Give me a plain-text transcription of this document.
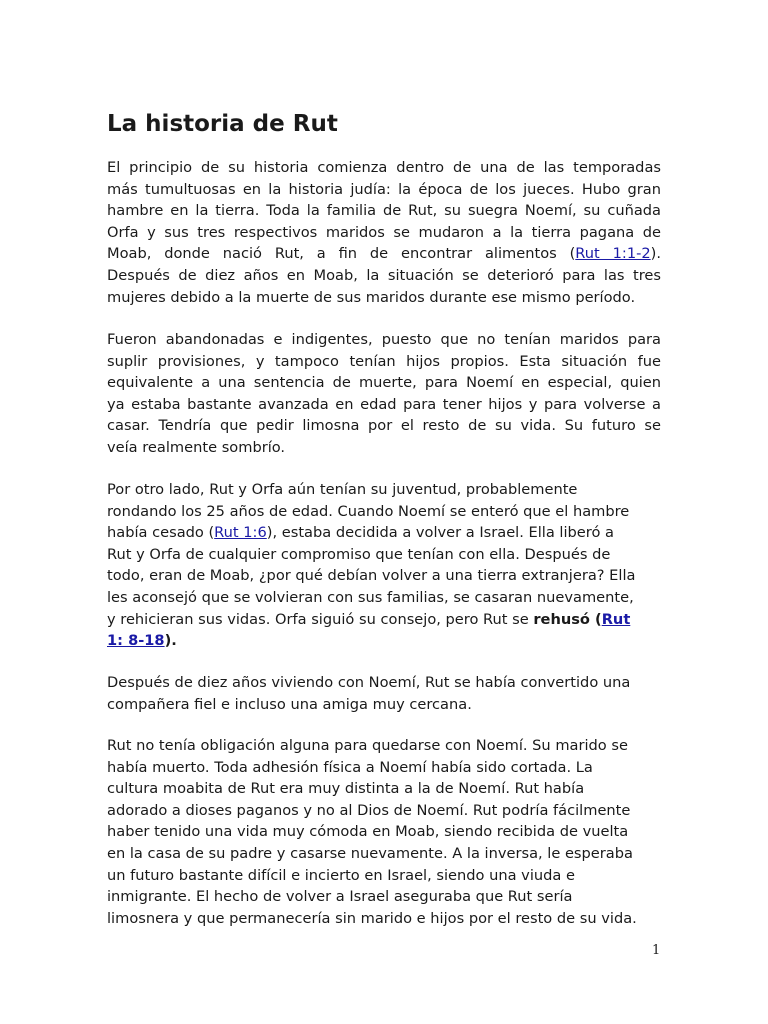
La historia de Rut
El principio de su historia comienza dentro de una de las temporadas
más tumultuosas en la historia judía: la época de los jueces. Hubo gran
hambre en la tierra. Toda la familia de Rut, su suegra Noemí, su cuñada
Orfa y sus tres respectivos maridos se mudaron a la tierra pagana de
Moab, donde nació Rut, a fin de encontrar alimentos (Rut 1:1-2).
Después de diez años en Moab, la situación se deterioró para las tres
mujeres debido a la muerte de sus maridos durante ese mismo período.
Fueron abandonadas e indigentes, puesto que no tenían maridos para
suplir provisiones, y tampoco tenían hijos propios. Esta situación fue
equivalente a una sentencia de muerte, para Noemí en especial, quien
ya estaba bastante avanzada en edad para tener hijos y para volverse a
casar. Tendría que pedir limosna por el resto de su vida. Su futuro se
veía realmente sombrío.
Por otro lado, Rut y Orfa aún tenían su juventud, probablemente
rondando los 25 años de edad. Cuando Noemí se enteró que el hambre
había cesado (Rut 1:6), estaba decidida a volver a Israel. Ella liberó a
Rut y Orfa de cualquier compromiso que tenían con ella. Después de
todo, eran de Moab, ¿por qué debían volver a una tierra extranjera? Ella
les aconsejó que se volvieran con sus familias, se casaran nuevamente,
y rehicieran sus vidas. Orfa siguió su consejo, pero Rut se rehusó (Rut
1: 8-18).
Después de diez años viviendo con Noemí, Rut se había convertido una
compañera fiel e incluso una amiga muy cercana.
Rut no tenía obligación alguna para quedarse con Noemí. Su marido se
había muerto. Toda adhesión física a Noemí había sido cortada. La
cultura moabita de Rut era muy distinta a la de Noemí. Rut había
adorado a dioses paganos y no al Dios de Noemí. Rut podría fácilmente
haber tenido una vida muy cómoda en Moab, siendo recibida de vuelta
en la casa de su padre y casarse nuevamente. A la inversa, le esperaba
un futuro bastante difícil e incierto en Israel, siendo una viuda e
inmigrante. El hecho de volver a Israel aseguraba que Rut sería
limosnera y que permanecería sin marido e hijos por el resto de su vida.
1
